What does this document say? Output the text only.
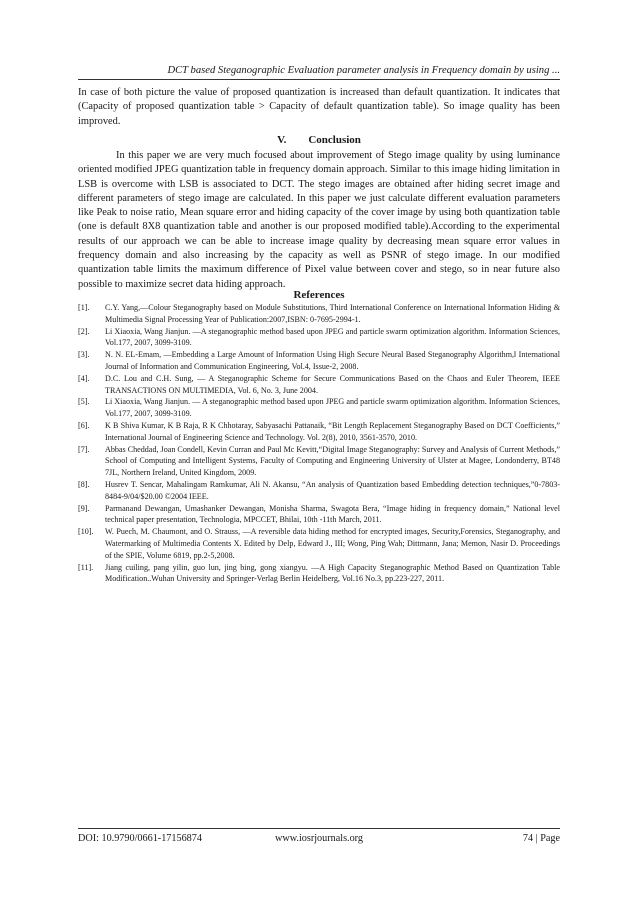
DCT based Steganographic Evaluation parameter analysis in Frequency domain by using ...

In case of both picture the value of proposed quantization is increased than default quantization. It indicates that (Capacity of proposed quantization table > Capacity of default quantization table). So image quality has been improved.

V. Conclusion

In this paper we are very much focused about improvement of Stego image quality by using luminance oriented modified JPEG quantization table in frequency domain approach. Similar to this image hiding limitation in LSB is overcome with LSB is associated to DCT. The stego images are obtained after hiding secret image and different parameters of stego image are calculated. In this paper we just calculate different evaluation parameters like Peak to noise ratio, Mean square error and hiding capacity of the cover image by using both quantization table (one is default 8X8 quantization table and another is our proposed modified table).According to the experimental results of our approach we can be able to increase image quality by decreasing mean square error values in frequency domain and also increasing by the capacity as well as PSNR of stego image. In our modified quantization table limits the maximum difference of Pixel value between cover and stego, so in near future also possible to maximize secret data hiding approach.

References
[1].	C.Y. Yang,―Colour Steganography based on Module Substitutions, Third International Conference on International Information Hiding & Multimedia Signal Processing Year of Publication:2007,ISBN: 0-7695-2994-1.
[2].	Li Xiaoxia, Wang Jianjun. ―A steganographic method based upon JPEG and particle swarm optimization algorithm. Information Sciences, Vol.177, 2007, 3099-3109.
[3].	N. N. EL-Emam, ―Embedding a Large Amount of Information Using High Secure Neural Based Steganography Algorithm,‖ International Journal of Information and Communication Engineering, Vol.4, Issue-2, 2008.
[4].	D.C. Lou and C.H. Sung, ― A Steganographic Scheme for Secure Communications Based on the Chaos and Euler Theorem, IEEE TRANSACTIONS ON MULTIMEDIA, Vol. 6, No. 3, June 2004.
[5].	Li Xiaoxia, Wang Jianjun. ― A steganographic method based upon JPEG and particle swarm optimization algorithm. Information Sciences, Vol.177, 2007, 3099-3109.
[6].	K B Shiva Kumar, K B Raja, R K Chhotaray, Sabyasachi Pattanaik, “Bit Length Replacement Steganography Based on DCT Coefficients,” International Journal of Engineering Science and Technology. Vol. 2(8), 2010, 3561-3570, 2010.
[7].	Abbas Cheddad, Joan Condell, Kevin Curran and Paul Mc Kevitt,“Digital Image Steganography: Survey and Analysis of Current Methods,” School of Computing and Intelligent Systems, Faculty of Computing and Engineering University of Ulster at Magee, Londonderry, BT48 7JL, Northern Ireland, United Kingdom, 2009.
[8].	Husrev T. Sencar, Mahalingam Ramkumar, Ali N. Akansu, “An analysis of Quantization based Embedding detection techniques,”0-7803-8484-9/04/$20.00 ©2004 IEEE.
[9].	Parmanand Dewangan, Umashanker Dewangan, Monisha Sharma, Swagota Bera, “Image hiding in frequency domain,” National level technical paper presentation, Technologia, MPCCET, Bhilai, 10th -11th March, 2011.
[10].	W. Puech, M. Chaumont, and O. Strauss, ―A reversible data hiding method for encrypted images, Security,Forensics, Steganography, and Watermarking of Multimedia Contents X. Edited by Delp, Edward J., III; Wong, Ping Wah; Dittmann, Jana; Memon, Nasir D. Proceedings of the SPIE, Volume 6819, pp.2-5,2008.
[11].	Jiang cuiling, pang yilin, guo lun, jing bing, gong xiangyu. ―A High Capacity Steganographic Method Based on Quantization Table Modification..Wuhan University and Springer-Verlag Berlin Heidelberg, Vol.16 No.3, pp.223-227, 2011.
DOI: 10.9790/0661-17156874	www.iosrjournals.org	74 | Page
